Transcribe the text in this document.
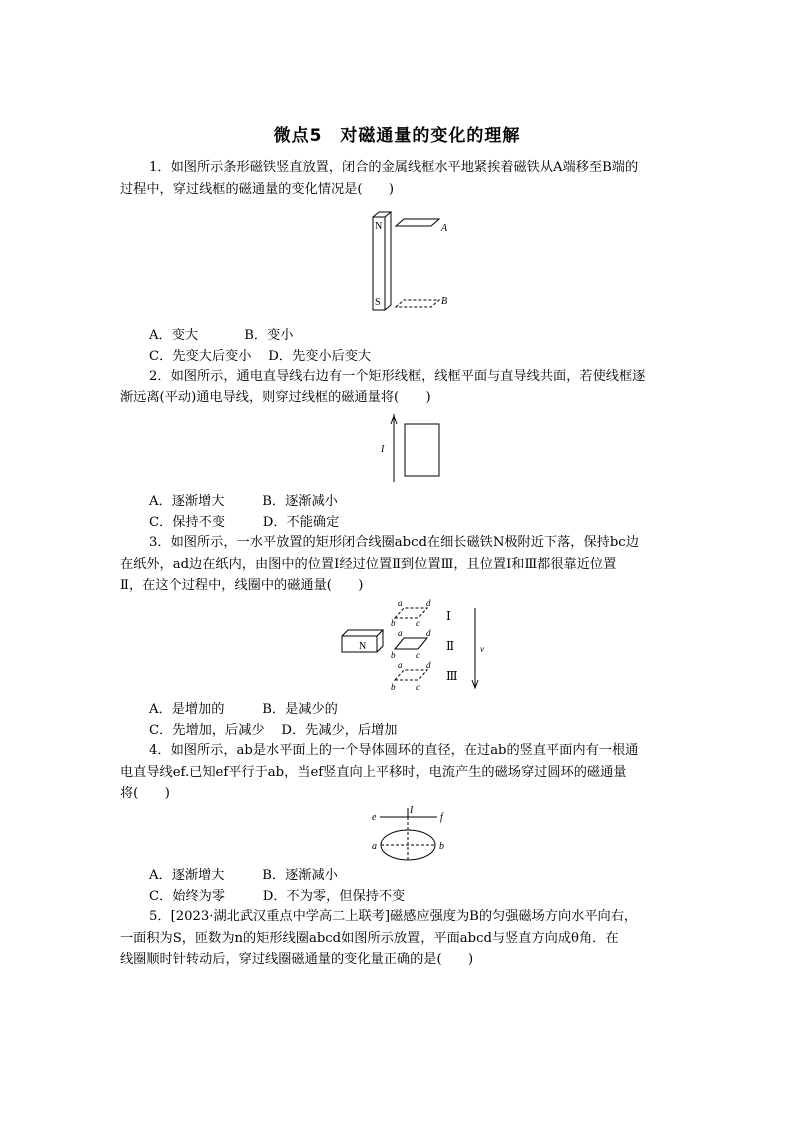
微点5　对磁通量的变化的理解
1．如图所示条形磁铁竖直放置，闭合的金属线框水平地紧挨着磁铁从A端移至B端的
过程中，穿过线框的磁通量的变化情况是(　　)
N
S
A
B
A．变大	B．变小
C．先变大后变小 D．先变小后变大
2．如图所示，通电直导线右边有一个矩形线框，线框平面与直导线共面，若使线框逐
渐远离(平动)通电导线，则穿过线框的磁通量将(　　)
I
A．逐渐增大	B．逐渐减小
C．保持不变	D．不能确定
3．如图所示，一水平放置的矩形闭合线圈abcd在细长磁铁N极附近下落，保持bc边
在纸外，ad边在纸内，由图中的位置Ⅰ经过位置Ⅱ到位置Ⅲ，且位置Ⅰ和Ⅲ都很靠近位置
Ⅱ，在这个过程中，线圈中的磁通量(　　)
a	d
b c
a	d
b c
a	d
b c
N
Ⅰ
Ⅱ
Ⅲ
v
A．是增加的	B．是减少的
C．先增加，后减少 D．先减少，后增加
4．如图所示，ab是水平面上的一个导体圆环的直径，在过ab的竖直平面内有一根通
电直导线ef.已知ef平行于ab，当ef竖直向上平移时，电流产生的磁场穿过圆环的磁通量
将(　　)
e	f
a	b
I
A．逐渐增大	B．逐渐减小
C．始终为零	D．不为零，但保持不变
5．[2023·湖北武汉重点中学高二上联考]磁感应强度为B的匀强磁场方向水平向右，
一面积为S，匝数为n的矩形线圈abcd如图所示放置，平面abcd与竖直方向成θ角．在
线圈顺时针转动后，穿过线圈磁通量的变化量正确的是(　　)
